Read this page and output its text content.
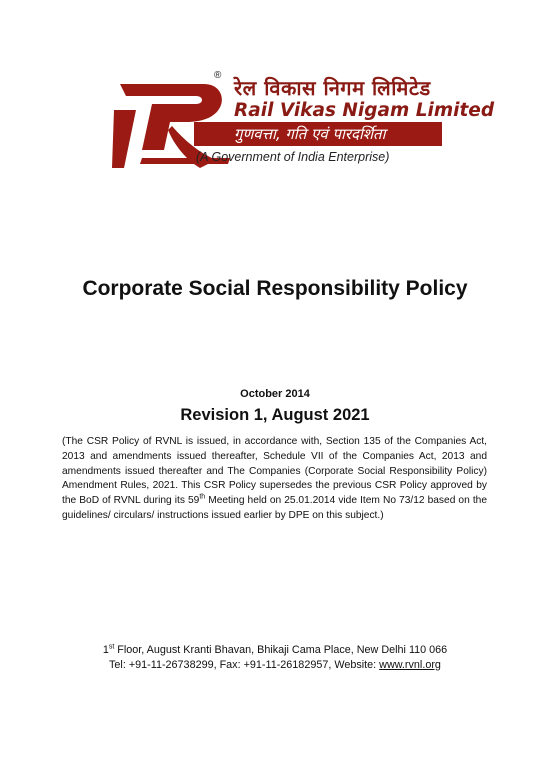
®
रेल विकास निगम लिमिटेड
Rail Vikas Nigam Limited
गुणवत्ता, गति एवं पारदर्शिता
(A Government of India Enterprise)
Corporate Social Responsibility Policy
October 2014
Revision 1, August 2021

(The CSR Policy of RVNL is issued, in accordance with, Section 135 of the Companies Act, 2013 and amendments issued thereafter, Schedule VII of the Companies Act, 2013 and amendments issued thereafter and The Companies (Corporate Social Responsibility Policy) Amendment Rules, 2021. This CSR Policy supersedes the previous CSR Policy approved by the BoD of RVNL during its 59th Meeting held on 25.01.2014 vide Item No 73/12 based on the guidelines/ circulars/ instructions issued earlier by DPE on this subject.)

1st Floor, August Kranti Bhavan, Bhikaji Cama Place, New Delhi 110 066
Tel: +91-11-26738299, Fax: +91-11-26182957, Website: www.rvnl.org
